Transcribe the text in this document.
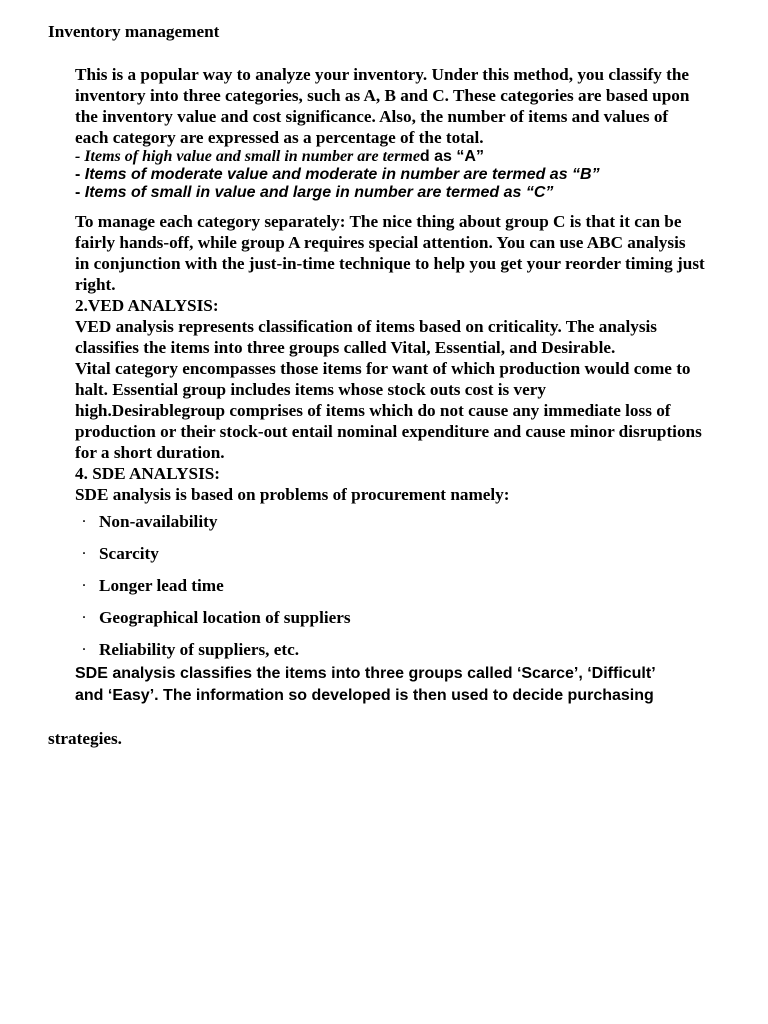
Inventory management

This is a popular way to analyze your inventory. Under this method, you classify the
inventory into three categories, such as A, B and C. These categories are based upon
the inventory value and cost significance. Also, the number of items and values of
each category are expressed as a percentage of the total.

- Items of high value and small in number are termed as “A”
- Items of moderate value and moderate in number are termed as “B”
- Items of small in value and large in number are termed as “C”
To manage each category separately: The nice thing about group C is that it can be
fairly hands-off, while group A requires special attention. You can use ABC analysis
in conjunction with the just-in-time technique to help you get your reorder timing just
right.
2.VED ANALYSIS:
VED analysis represents classification of items based on criticality. The analysis
classifies the items into three groups called Vital, Essential, and Desirable.
Vital category encompasses those items for want of which production would come to
halt. Essential group includes items whose stock outs cost is very
high.Desirablegroup comprises of items which do not cause any immediate loss of
production or their stock-out entail nominal expenditure and cause minor disruptions
for a short duration.
4. SDE ANALYSIS:
SDE analysis is based on problems of procurement namely:
· Non-availability
· Scarcity
· Longer lead time
· Geographical location of suppliers
· Reliability of suppliers, etc.

SDE analysis classifies the items into three groups called ‘Scarce’, ‘Difficult’
and ‘Easy’. The information so developed is then used to decide purchasing

strategies.
